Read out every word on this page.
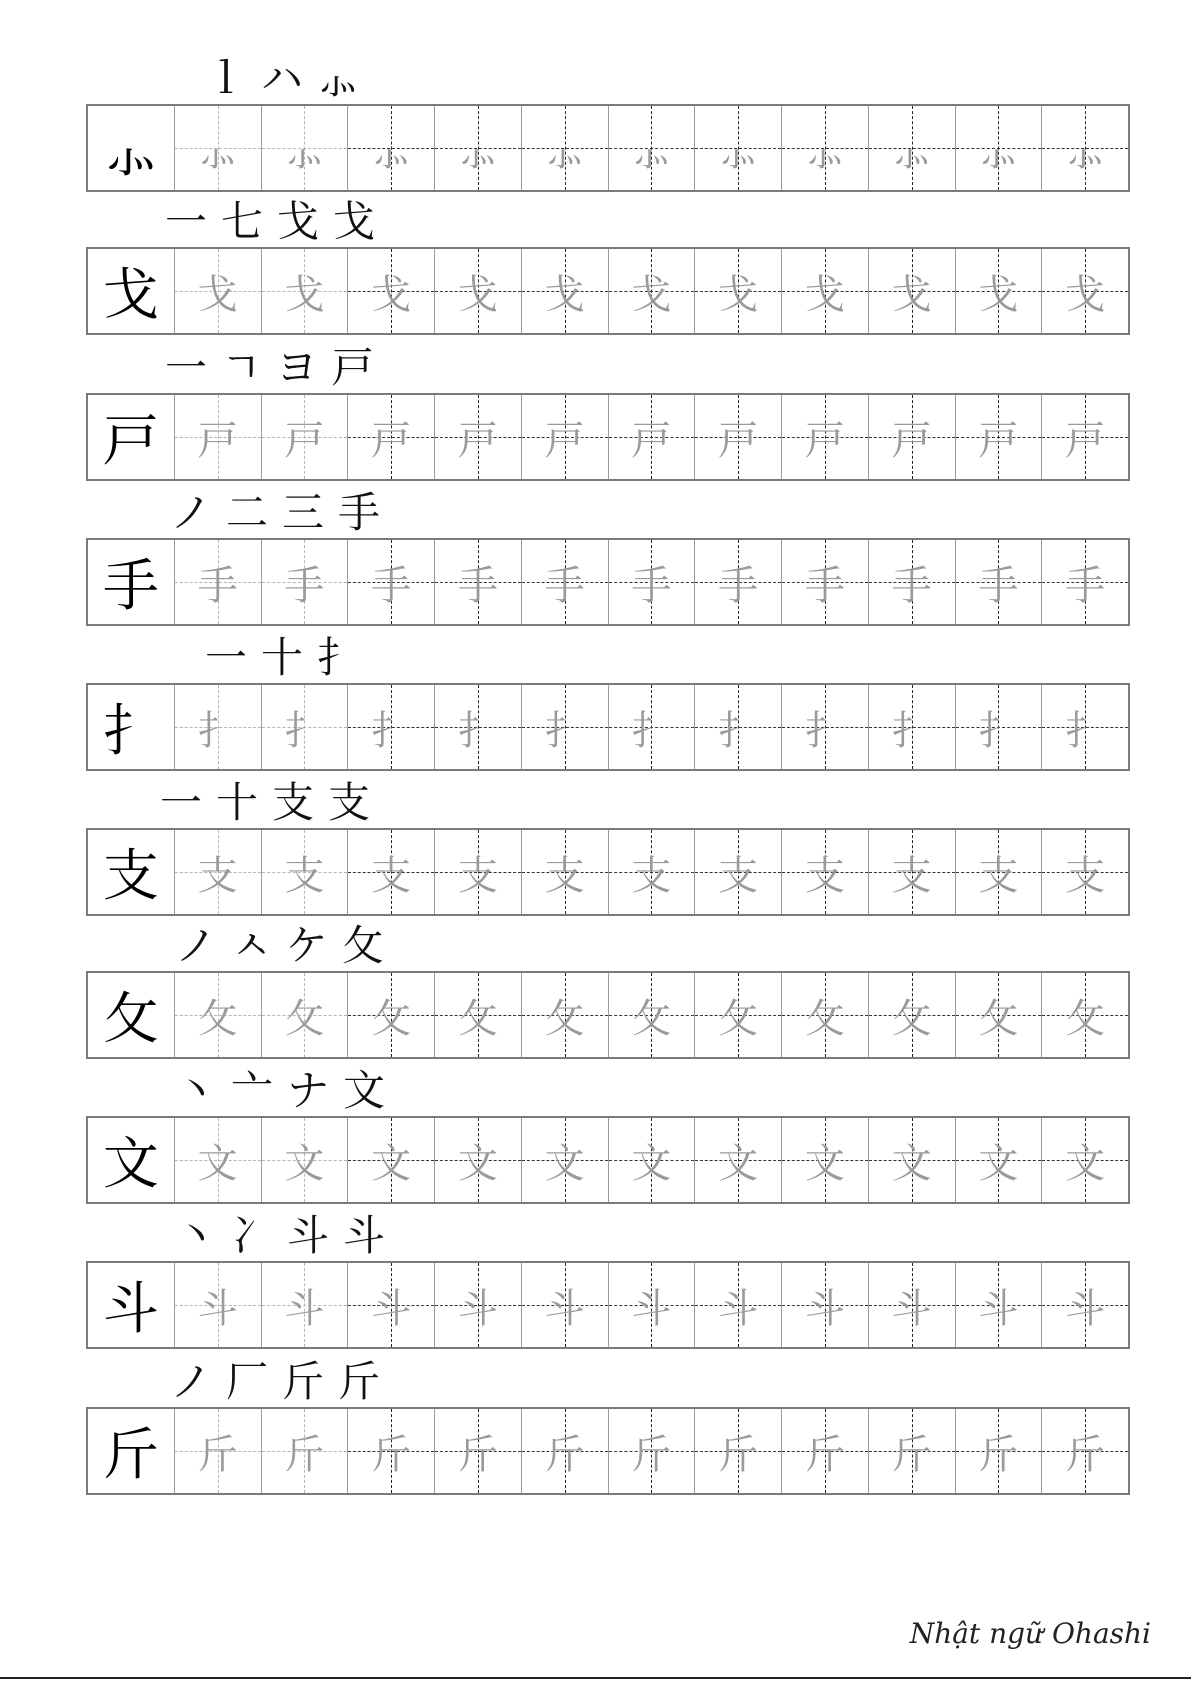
ｌ ハ ⺗
⺗ ⺗	⺗	⺗	⺗	⺗	⺗	⺗	⺗	⺗	⺗	⺗
一 七 戈 戈
戈 戈	戈	戈	戈	戈	戈	戈	戈	戈	戈	戈
一 ㄱ ヨ 戸
戸 戸	戸	戸	戸	戸	戸	戸	戸	戸	戸	戸
ノ 二 三 手
手 手	手	手	手	手	手	手	手	手	手	手
一 十 扌
扌 扌	扌	扌	扌	扌	扌	扌	扌	扌	扌	扌
一 十 支 支
支 支	支	支	支	支	支	支	支	支	支	支
ノ ㅅ ケ 攵
攵 攵	攵	攵	攵	攵	攵	攵	攵	攵	攵	攵
丶 亠 ナ 文
文 文	文	文	文	文	文	文	文	文	文	文
丶 冫 斗 斗
斗 斗	斗	斗	斗	斗	斗	斗	斗	斗	斗	斗
ノ 厂 斤 斤
斤 斤	斤	斤	斤	斤	斤	斤	斤	斤	斤	斤
Nhật ngữ Ohashi
